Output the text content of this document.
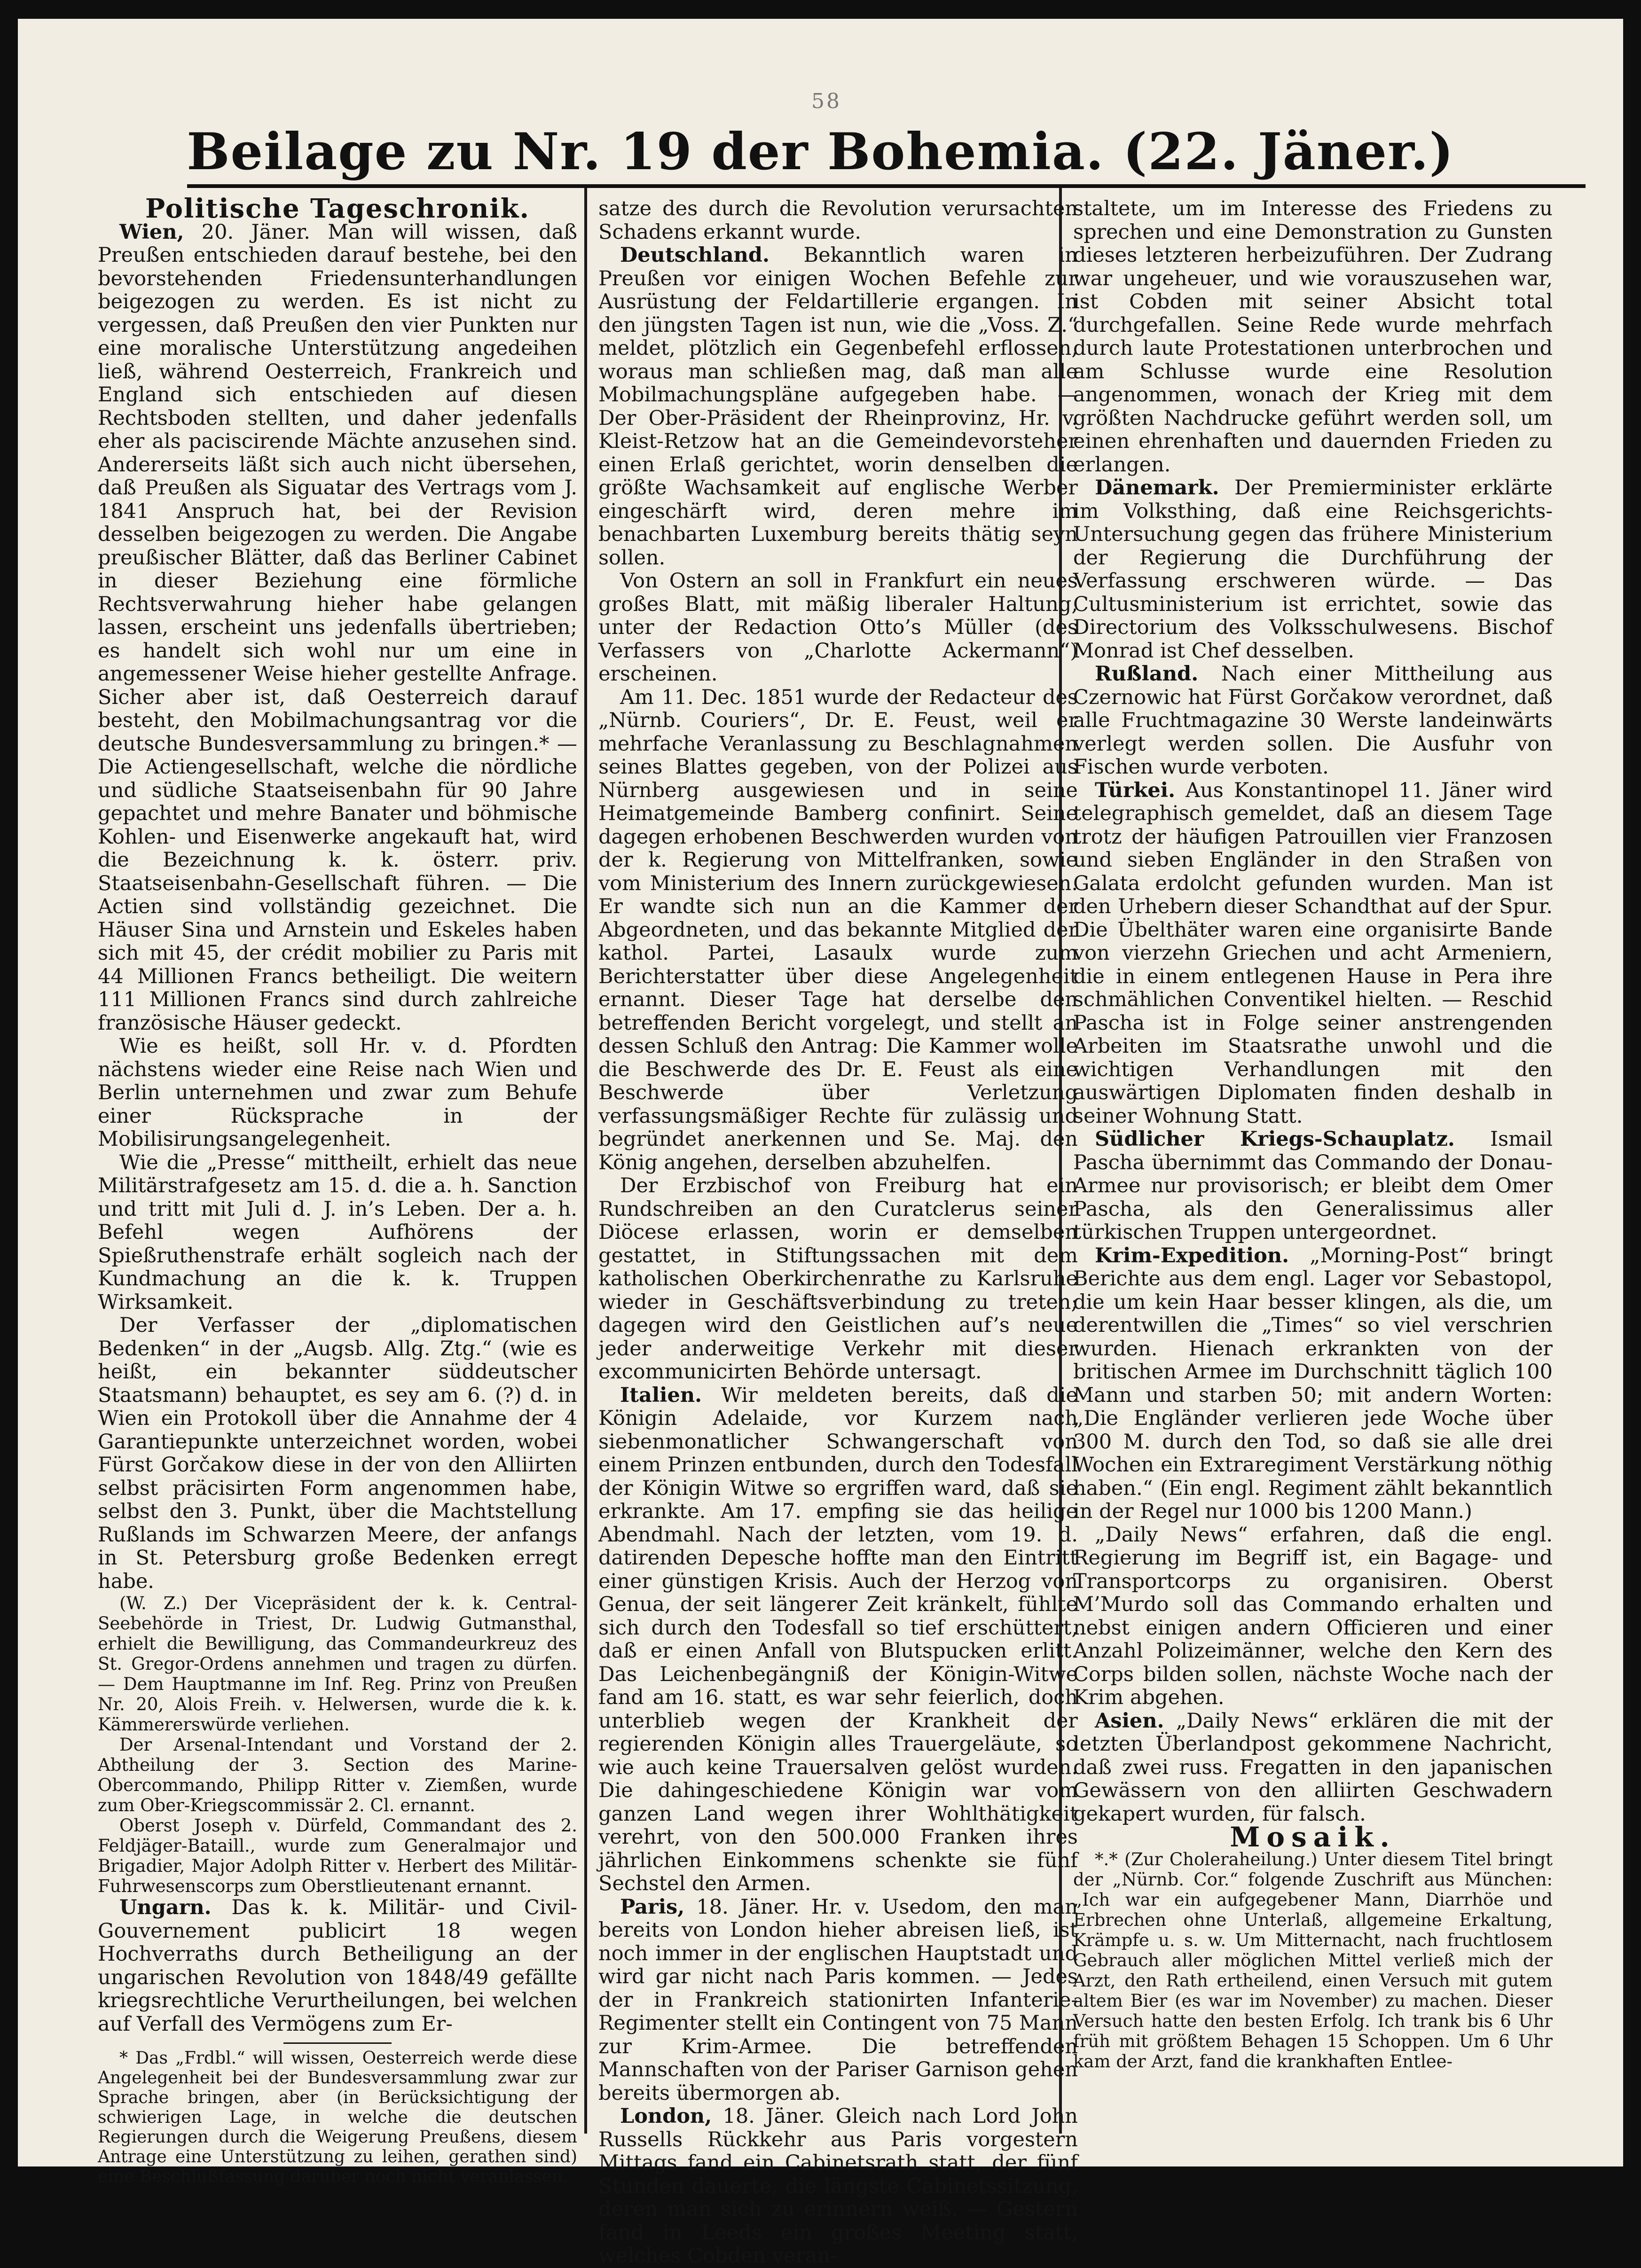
58
Beilage zu Nr. 19 der Bohemia. (22. Jäner.)

Politische Tageschronik.

Wien, 20. Jäner. Man will wissen, daß Preußen entschieden darauf bestehe, bei den bevorstehenden Friedensunterhandlungen beigezogen zu werden. Es ist nicht zu vergessen, daß Preußen den vier Punkten nur eine moralische Unterstützung angedeihen ließ, während Oesterreich, Frankreich und England sich entschieden auf diesen Rechtsboden stellten, und daher jedenfalls eher als paciscirende Mächte anzusehen sind. Andererseits läßt sich auch nicht übersehen, daß Preußen als Siguatar des Vertrags vom J. 1841 Anspruch hat, bei der Revision desselben beigezogen zu werden. Die Angabe preußischer Blätter, daß das Berliner Cabinet in dieser Beziehung eine förmliche Rechtsverwahrung hieher habe gelangen lassen, erscheint uns jedenfalls übertrieben; es handelt sich wohl nur um eine in angemessener Weise hieher gestellte Anfrage. Sicher aber ist, daß Oesterreich darauf besteht, den Mobilmachungsantrag vor die deutsche Bundesversammlung zu bringen.* — Die Actiengesellschaft, welche die nördliche und südliche Staatseisenbahn für 90 Jahre gepachtet und mehre Banater und böhmische Kohlen- und Eisenwerke angekauft hat, wird die Bezeichnung k. k. österr. priv. Staatseisenbahn-Gesellschaft führen. — Die Actien sind vollständig gezeichnet. Die Häuser Sina und Arnstein und Eskeles haben sich mit 45, der crédit mobilier zu Paris mit 44 Millionen Francs betheiligt. Die weitern 111 Millionen Francs sind durch zahlreiche französische Häuser gedeckt.

Wie es heißt, soll Hr. v. d. Pfordten nächstens wieder eine Reise nach Wien und Berlin unternehmen und zwar zum Behufe einer Rücksprache in der Mobilisirungsangelegenheit.

Wie die „Presse“ mittheilt, erhielt das neue Militärstrafgesetz am 15. d. die a. h. Sanction und tritt mit Juli d. J. in’s Leben. Der a. h. Befehl wegen Aufhörens der Spießruthenstrafe erhält sogleich nach der Kundmachung an die k. k. Truppen Wirksamkeit.

Der Verfasser der „diplomatischen Bedenken“ in der „Augsb. Allg. Ztg.“ (wie es heißt, ein bekannter süddeutscher Staatsmann) behauptet, es sey am 6. (?) d. in Wien ein Protokoll über die Annahme der 4 Garantiepunkte unterzeichnet worden, wobei Fürst Gorčakow diese in der von den Alliirten selbst präcisirten Form angenommen habe, selbst den 3. Punkt, über die Machtstellung Rußlands im Schwarzen Meere, der anfangs in St. Petersburg große Bedenken erregt habe.

(W. Z.) Der Vicepräsident der k. k. Central-Seebehörde in Triest, Dr. Ludwig Gutmansthal, erhielt die Bewilligung, das Commandeurkreuz des St. Gregor-Ordens annehmen und tragen zu dürfen. — Dem Hauptmanne im Inf. Reg. Prinz von Preußen Nr. 20, Alois Freih. v. Helwersen, wurde die k. k. Kämmererswürde verliehen.

Der Arsenal-Intendant und Vorstand der 2. Abtheilung der 3. Section des Marine-Obercommando, Philipp Ritter v. Ziemßen, wurde zum Ober-Kriegscommissär 2. Cl. ernannt.

Oberst Joseph v. Dürfeld, Commandant des 2. Feldjäger-Bataill., wurde zum Generalmajor und Brigadier, Major Adolph Ritter v. Herbert des Militär-Fuhrwesenscorps zum Oberstlieutenant ernannt.

Ungarn. Das k. k. Militär- und Civil-Gouvernement publicirt 18 wegen Hochverraths durch Betheiligung an der ungarischen Revolution von 1848/49 gefällte kriegsrechtliche Verurtheilungen, bei welchen auf Verfall des Vermögens zum Er-

* Das „Frdbl.“ will wissen, Oesterreich werde diese Angelegenheit bei der Bundesversammlung zwar zur Sprache bringen, aber (in Berücksichtigung der schwierigen Lage, in welche die deutschen Regierungen durch die Weigerung Preußens, diesem Antrage eine Unterstützung zu leihen, gerathen sind) eine Beschlußfassung darüber noch nicht veranlassen.

satze des durch die Revolution verursachten Schadens erkannt wurde.

Deutschland. Bekanntlich waren in Preußen vor einigen Wochen Befehle zur Ausrüstung der Feldartillerie ergangen. In den jüngsten Tagen ist nun, wie die „Voss. Z.“ meldet, plötzlich ein Gegenbefehl erflossen, woraus man schließen mag, daß man alle Mobilmachungspläne aufgegeben habe. — Der Ober-Präsident der Rheinprovinz, Hr. v. Kleist-Retzow hat an die Gemeindevorsteher einen Erlaß gerichtet, worin denselben die größte Wachsamkeit auf englische Werber eingeschärft wird, deren mehre im benachbarten Luxemburg bereits thätig seyn sollen.

Von Ostern an soll in Frankfurt ein neues großes Blatt, mit mäßig liberaler Haltung, unter der Redaction Otto’s Müller (des Verfassers von „Charlotte Ackermann“) erscheinen.

Am 11. Dec. 1851 wurde der Redacteur des „Nürnb. Couriers“, Dr. E. Feust, weil er mehrfache Veranlassung zu Beschlagnahmen seines Blattes gegeben, von der Polizei aus Nürnberg ausgewiesen und in seine Heimatgemeinde Bamberg confinirt. Seine dagegen erhobenen Beschwerden wurden von der k. Regierung von Mittelfranken, sowie vom Ministerium des Innern zurückgewiesen. Er wandte sich nun an die Kammer der Abgeordneten, und das bekannte Mitglied der kathol. Partei, Lasaulx wurde zum Berichterstatter über diese Angelegenheit ernannt. Dieser Tage hat derselbe den betreffenden Bericht vorgelegt, und stellt an dessen Schluß den Antrag: Die Kammer wolle die Beschwerde des Dr. E. Feust als eine Beschwerde über Verletzung verfassungsmäßiger Rechte für zulässig und begründet anerkennen und Se. Maj. den König angehen, derselben abzuhelfen.

Der Erzbischof von Freiburg hat ein Rundschreiben an den Curatclerus seiner Diöcese erlassen, worin er demselben gestattet, in Stiftungssachen mit dem katholischen Oberkirchenrathe zu Karlsruhe wieder in Geschäftsverbindung zu treten; dagegen wird den Geistlichen auf’s neue jeder anderweitige Verkehr mit dieser excommunicirten Behörde untersagt.

Italien. Wir meldeten bereits, daß die Königin Adelaide, vor Kurzem nach siebenmonatlicher Schwangerschaft von einem Prinzen entbunden, durch den Todesfall der Königin Witwe so ergriffen ward, daß sie erkrankte. Am 17. empfing sie das heilige Abendmahl. Nach der letzten, vom 19. d. datirenden Depesche hoffte man den Eintritt einer günstigen Krisis. Auch der Herzog von Genua, der seit längerer Zeit kränkelt, fühlte sich durch den Todesfall so tief erschüttert, daß er einen Anfall von Blutspucken erlitt. Das Leichenbegängniß der Königin-Witwe fand am 16. statt, es war sehr feierlich, doch unterblieb wegen der Krankheit der regierenden Königin alles Trauergeläute, so wie auch keine Trauersalven gelöst wurden. Die dahingeschiedene Königin war vom ganzen Land wegen ihrer Wohlthätigkeit verehrt, von den 500.000 Franken ihres jährlichen Einkommens schenkte sie fünf Sechstel den Armen.

Paris, 18. Jäner. Hr. v. Usedom, den man bereits von London hieher abreisen ließ, ist noch immer in der englischen Hauptstadt und wird gar nicht nach Paris kommen. — Jedes der in Frankreich stationirten Infanterie-Regimenter stellt ein Contingent von 75 Mann zur Krim-Armee. Die betreffenden Mannschaften von der Pariser Garnison gehen bereits übermorgen ab.

London, 18. Jäner. Gleich nach Lord John Russells Rückkehr aus Paris vorgestern Mittags fand ein Cabinetsrath statt, der fünf Stunden dauerte, die längste Cabinetssitzung, deren man sich zu erinnern weiß. — Gestern fand in Leeds ein großes Meeting statt, welches Cobden veran-

staltete, um im Interesse des Friedens zu sprechen und eine Demonstration zu Gunsten dieses letzteren herbeizuführen. Der Zudrang war ungeheuer, und wie vorauszusehen war, ist Cobden mit seiner Absicht total durchgefallen. Seine Rede wurde mehrfach durch laute Protestationen unterbrochen und am Schlusse wurde eine Resolution angenommen, wonach der Krieg mit dem größten Nachdrucke geführt werden soll, um einen ehrenhaften und dauernden Frieden zu erlangen.

Dänemark. Der Premierminister erklärte im Volksthing, daß eine Reichsgerichts-Untersuchung gegen das frühere Ministerium der Regierung die Durchführung der Verfassung erschweren würde. — Das Cultusministerium ist errichtet, sowie das Directorium des Volksschulwesens. Bischof Monrad ist Chef desselben.

Rußland. Nach einer Mittheilung aus Czernowic hat Fürst Gorčakow verordnet, daß alle Fruchtmagazine 30 Werste landeinwärts verlegt werden sollen. Die Ausfuhr von Fischen wurde verboten.

Türkei. Aus Konstantinopel 11. Jäner wird telegraphisch gemeldet, daß an diesem Tage trotz der häufigen Patrouillen vier Franzosen und sieben Engländer in den Straßen von Galata erdolcht gefunden wurden. Man ist den Urhebern dieser Schandthat auf der Spur. Die Übelthäter waren eine organisirte Bande von vierzehn Griechen und acht Armeniern, die in einem entlegenen Hause in Pera ihre schmählichen Conventikel hielten. — Reschid Pascha ist in Folge seiner anstrengenden Arbeiten im Staatsrathe unwohl und die wichtigen Verhandlungen mit den auswärtigen Diplomaten finden deshalb in seiner Wohnung Statt.

Südlicher Kriegs-Schauplatz. Ismail Pascha übernimmt das Commando der Donau-Armee nur provisorisch; er bleibt dem Omer Pascha, als den Generalissimus aller türkischen Truppen untergeordnet.

Krim-Expedition. „Morning-Post“ bringt Berichte aus dem engl. Lager vor Sebastopol, die um kein Haar besser klingen, als die, um derentwillen die „Times“ so viel verschrien wurden. Hienach erkrankten von der britischen Armee im Durchschnitt täglich 100 Mann und starben 50; mit andern Worten: „Die Engländer verlieren jede Woche über 300 M. durch den Tod, so daß sie alle drei Wochen ein Extraregiment Verstärkung nöthig haben.“ (Ein engl. Regiment zählt bekanntlich in der Regel nur 1000 bis 1200 Mann.)

„Daily News“ erfahren, daß die engl. Regierung im Begriff ist, ein Bagage- und Transportcorps zu organisiren. Oberst M’Murdo soll das Commando erhalten und nebst einigen andern Officieren und einer Anzahl Polizeimänner, welche den Kern des Corps bilden sollen, nächste Woche nach der Krim abgehen.

Asien. „Daily News“ erklären die mit der letzten Überlandpost gekommene Nachricht, daß zwei russ. Fregatten in den japanischen Gewässern von den alliirten Geschwadern gekapert wurden, für falsch.

Mosaik.

*.* (Zur Choleraheilung.) Unter diesem Titel bringt der „Nürnb. Cor.“ folgende Zuschrift aus München: „Ich war ein aufgegebener Mann, Diarrhöe und Erbrechen ohne Unterlaß, allgemeine Erkaltung, Krämpfe u. s. w. Um Mitternacht, nach fruchtlosem Gebrauch aller möglichen Mittel verließ mich der Arzt, den Rath ertheilend, einen Versuch mit gutem altem Bier (es war im November) zu machen. Dieser Versuch hatte den besten Erfolg. Ich trank bis 6 Uhr früh mit größtem Behagen 15 Schoppen. Um 6 Uhr kam der Arzt, fand die krankhaften Entlee-
